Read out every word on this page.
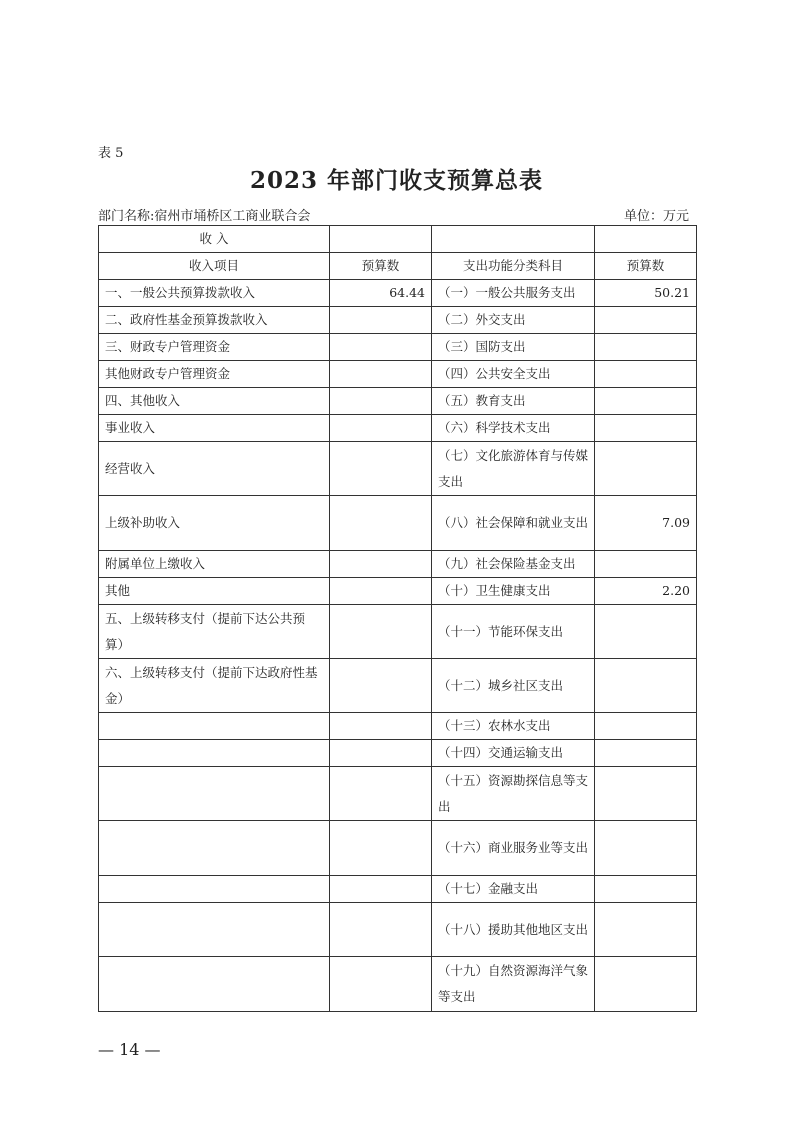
表 5
2023 年部门收支预算总表
部门名称:宿州市埇桥区工商业联合会	单位：万元
收 入			
收入项目	预算数	支出功能分类科目	预算数
一、一般公共预算拨款收入	64.44	（一）一般公共服务支出	50.21
二、政府性基金预算拨款收入		（二）外交支出	
三、财政专户管理资金		（三）国防支出	
其他财政专户管理资金		（四）公共安全支出	
四、其他收入		（五）教育支出	
事业收入		（六）科学技术支出	
经营收入		（七）文化旅游体育与传媒支出	
上级补助收入		（八）社会保障和就业支出	7.09
附属单位上缴收入		（九）社会保险基金支出	
其他		（十）卫生健康支出	2.20
五、上级转移支付（提前下达公共预算）		（十一）节能环保支出	
六、上级转移支付（提前下达政府性基金）		（十二）城乡社区支出	
		（十三）农林水支出	
		（十四）交通运输支出	
		（十五）资源勘探信息等支出	
		（十六）商业服务业等支出	
		（十七）金融支出	
		（十八）援助其他地区支出	
		（十九）自然资源海洋气象等支出	
— 14 —
